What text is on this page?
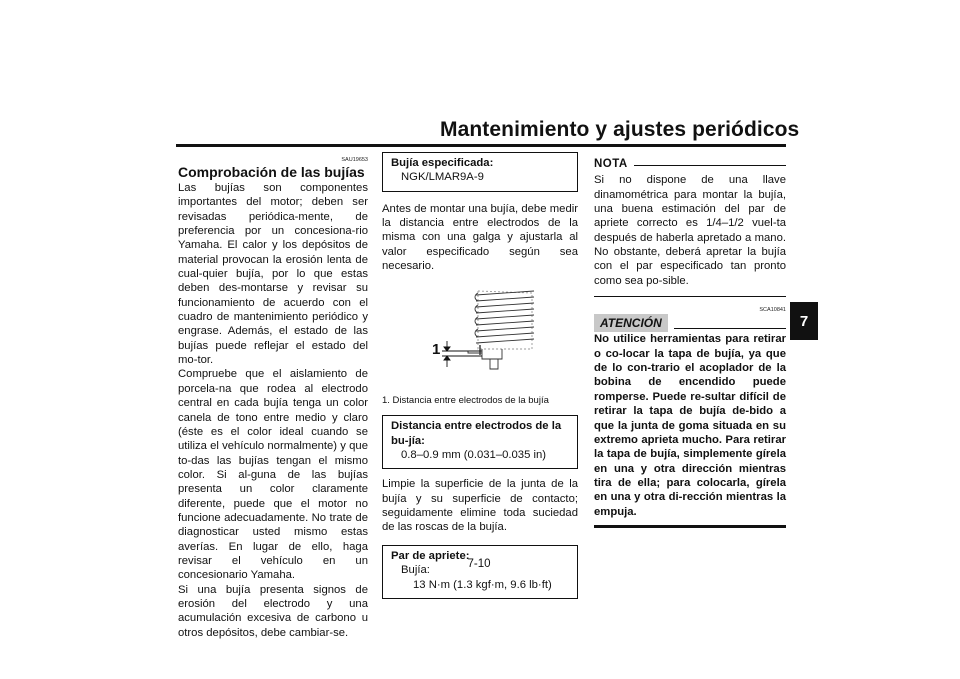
Mantenimiento y ajustes periódicos
7
SAU19653
Comprobación de las bujías

Las bujías son componentes importantes del motor; deben ser revisadas periódica-mente, de preferencia por un concesiona-rio Yamaha. El calor y los depósitos de material provocan la erosión lenta de cual-quier bujía, por lo que estas deben des-montarse y revisar su funcionamiento de acuerdo con el cuadro de mantenimiento periódico y engrase. Además, el estado de las bujías puede reflejar el estado del mo-tor.

Compruebe que el aislamiento de porcela-na que rodea al electrodo central en cada bujía tenga un color canela de tono entre medio y claro (éste es el color ideal cuando se utiliza el vehículo normalmente) y que to-das las bujías tengan el mismo color. Si al-guna de las bujías presenta un color claramente diferente, puede que el motor no funcione adecuadamente. No trate de diagnosticar usted mismo estas averías. En lugar de ello, haga revisar el vehículo en un concesionario Yamaha.

Si una bujía presenta signos de erosión del electrodo y una acumulación excesiva de carbono u otros depósitos, debe cambiar-se.

Bujía especificada:
NGK/LMAR9A-9

Antes de montar una bujía, debe medir la distancia entre electrodos de la misma con una galga y ajustarla al valor especificado según sea necesario.

1
1. Distancia entre electrodos de la bujía
Distancia entre electrodos de la bu-jía:
0.8–0.9 mm (0.031–0.035 in)

Limpie la superficie de la junta de la bujía y su superficie de contacto; seguidamente elimine toda suciedad de las roscas de la bujía.

Par de apriete:
Bujía:
13 N·m (1.3 kgf·m, 9.6 lb·ft)
NOTA

Si no dispone de una llave dinamométrica para montar la bujía, una buena estimación del par de apriete correcto es 1/4–1/2 vuel-ta después de haberla apretado a mano. No obstante, deberá apretar la bujía con el par especificado tan pronto como sea po-sible.

SCA10841
ATENCIÓN

No utilice herramientas para retirar o co-locar la tapa de bujía, ya que de lo con-trario el acoplador de la bobina de encendido puede romperse. Puede re-sultar difícil de retirar la tapa de bujía de-bido a que la junta de goma situada en su extremo aprieta mucho. Para retirar la tapa de bujía, simplemente gírela en una y otra dirección mientras tira de ella; para colocarla, gírela en una y otra di-rección mientras la empuja.

7-10
